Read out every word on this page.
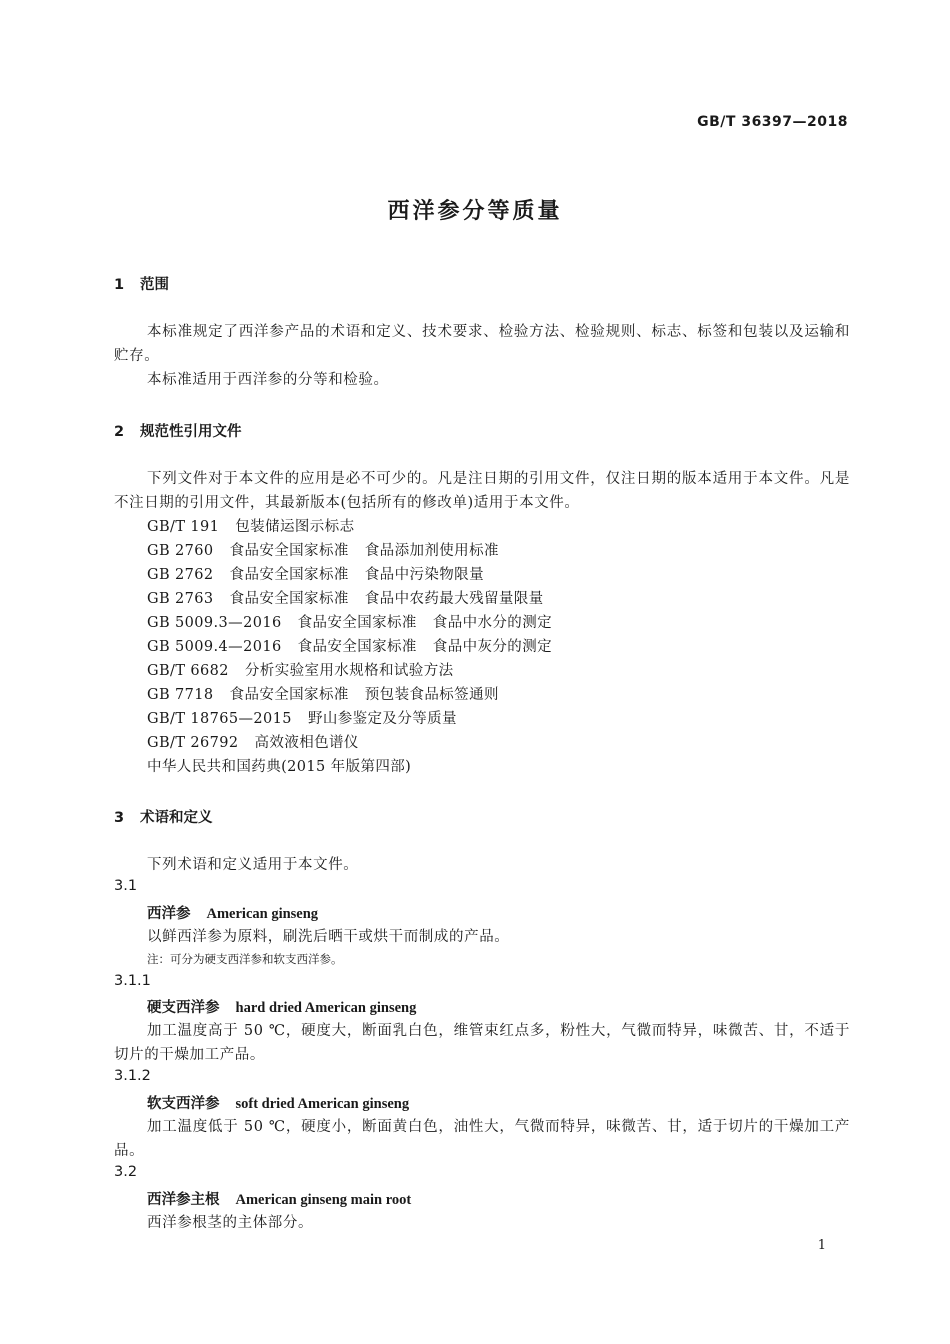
GB/T 36397—2018
西洋参分等质量
1 范围
本标准规定了西洋参产品的术语和定义、技术要求、检验方法、检验规则、标志、标签和包装以及运输和贮存。
本标准适用于西洋参的分等和检验。
2 规范性引用文件
下列文件对于本文件的应用是必不可少的。凡是注日期的引用文件，仅注日期的版本适用于本文件。凡是不注日期的引用文件，其最新版本(包括所有的修改单)适用于本文件。
GB/T 191 包装储运图示标志
GB 2760 食品安全国家标准 食品添加剂使用标准
GB 2762 食品安全国家标准 食品中污染物限量
GB 2763 食品安全国家标准 食品中农药最大残留量限量
GB 5009.3—2016 食品安全国家标准 食品中水分的测定
GB 5009.4—2016 食品安全国家标准 食品中灰分的测定
GB/T 6682 分析实验室用水规格和试验方法
GB 7718 食品安全国家标准 预包装食品标签通则
GB/T 18765—2015 野山参鉴定及分等质量
GB/T 26792 高效液相色谱仪
中华人民共和国药典(2015 年版第四部)
3 术语和定义
下列术语和定义适用于本文件。
3.1
西洋参 American ginseng
以鲜西洋参为原料，刷洗后晒干或烘干而制成的产品。
注：可分为硬支西洋参和软支西洋参。
3.1.1
硬支西洋参 hard dried American ginseng
加工温度高于 50 ℃，硬度大，断面乳白色，维管束红点多，粉性大，气微而特异，味微苦、甘，不适于切片的干燥加工产品。
3.1.2
软支西洋参 soft dried American ginseng
加工温度低于 50 ℃，硬度小，断面黄白色，油性大，气微而特异，味微苦、甘，适于切片的干燥加工产品。
3.2
西洋参主根 American ginseng main root
西洋参根茎的主体部分。
1
